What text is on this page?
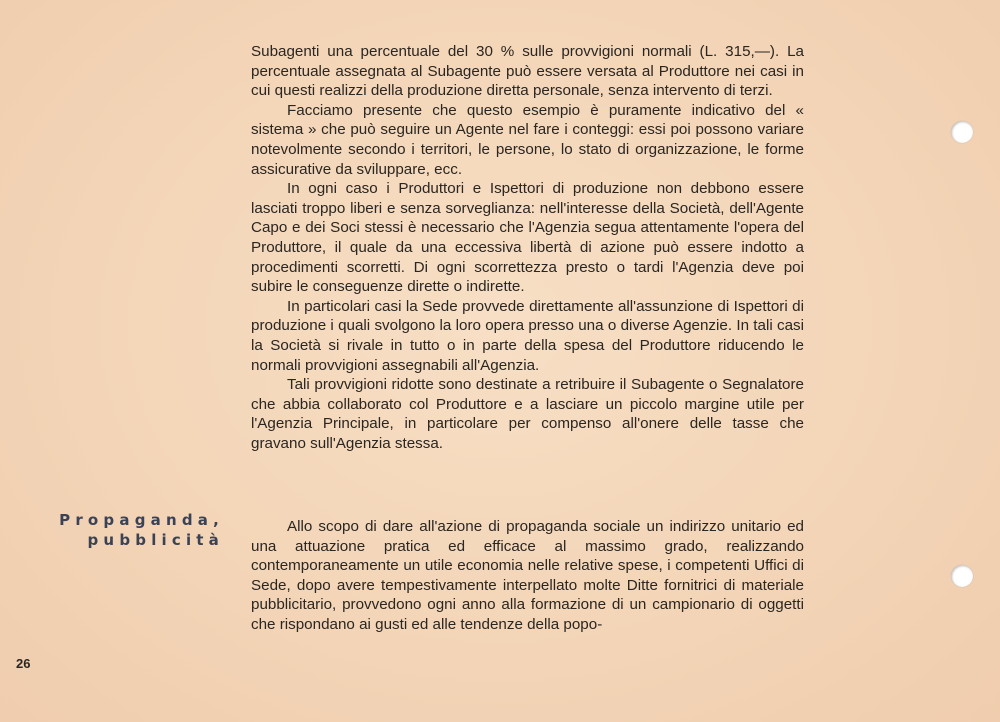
Subagenti una percentuale del 30 % sulle provvigioni normali (L. 315,—). La percentuale assegnata al Subagente può essere versata al Produttore nei casi in cui questi realizzi della produzione diretta personale, senza intervento di terzi.

Facciamo presente che questo esempio è puramente indicativo del « sistema » che può seguire un Agente nel fare i conteggi: essi poi possono variare notevolmente secondo i territori, le persone, lo stato di organizzazione, le forme assicurative da sviluppare, ecc.

In ogni caso i Produttori e Ispettori di produzione non debbono essere lasciati troppo liberi e senza sorveglianza: nell'interesse della Società, dell'Agente Capo e dei Soci stessi è necessario che l'Agenzia segua attentamente l'opera del Produttore, il quale da una eccessiva libertà di azione può essere indotto a procedimenti scorretti. Di ogni scorrettezza presto o tardi l'Agenzia deve poi subire le conseguenze dirette o indirette.

In particolari casi la Sede provvede direttamente all'assunzione di Ispettori di produzione i quali svolgono la loro opera presso una o diverse Agenzie. In tali casi la Società si rivale in tutto o in parte della spesa del Produttore riducendo le normali provvigioni assegnabili all'Agenzia.

Tali provvigioni ridotte sono destinate a retribuire il Subagente o Segnalatore che abbia collaborato col Produttore e a lasciare un piccolo margine utile per l'Agenzia Principale, in particolare per compenso all'onere delle tasse che gravano sull'Agenzia stessa.

Propaganda,
pubblicità

Allo scopo di dare all'azione di propaganda sociale un indirizzo unitario ed una attuazione pratica ed efficace al massimo grado, realizzando contemporaneamente un utile economia nelle relative spese, i competenti Uffici di Sede, dopo avere tempestivamente interpellato molte Ditte fornitrici di materiale pubblicitario, provvedono ogni anno alla formazione di un campionario di oggetti che rispondano ai gusti ed alle tendenze della popo-

26
